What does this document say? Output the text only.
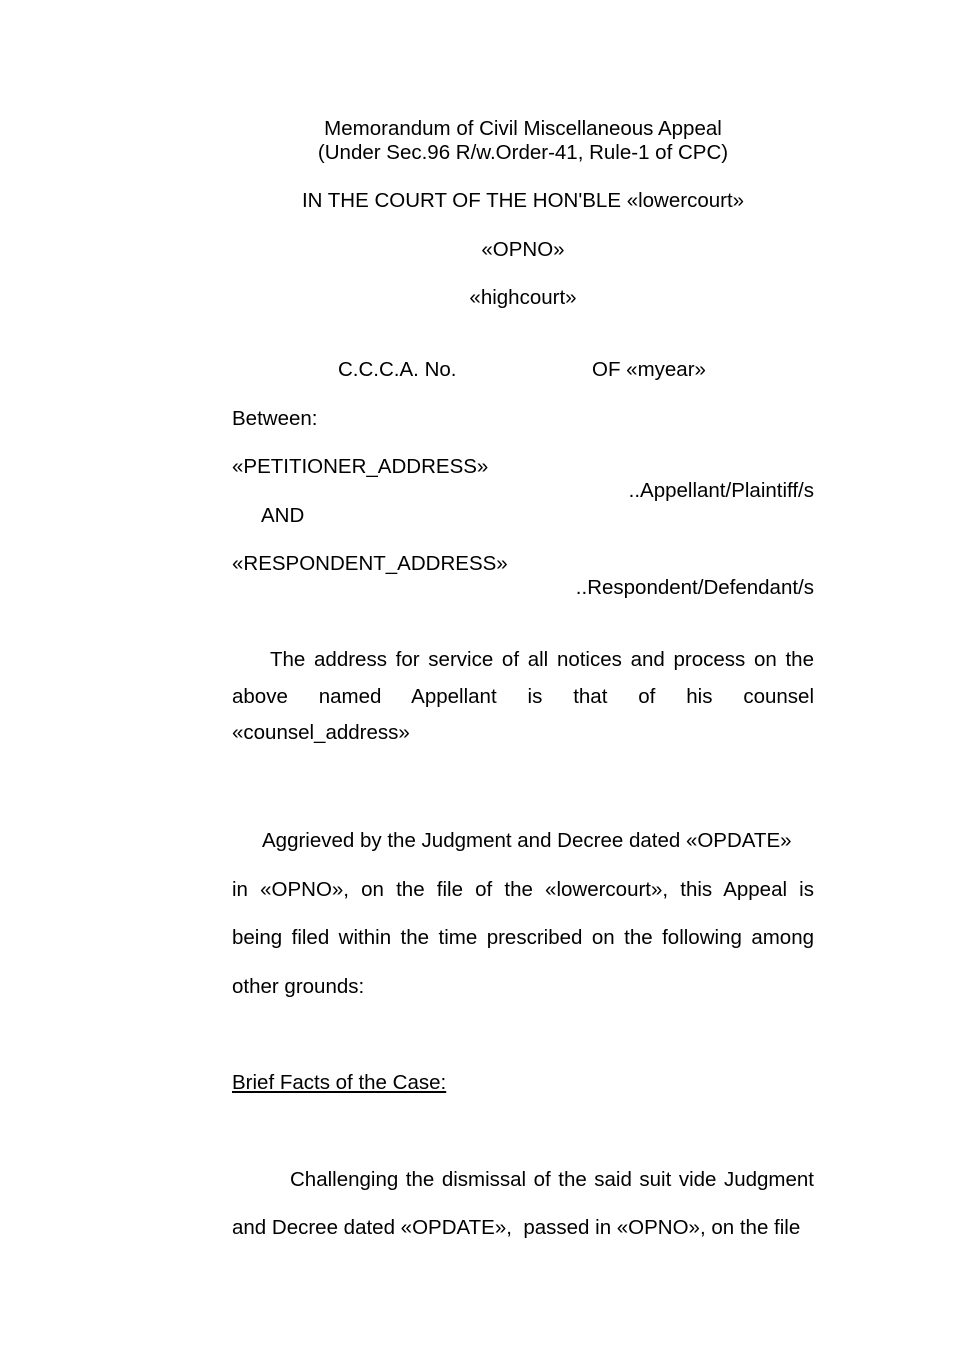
Memorandum of Civil Miscellaneous Appeal
(Under Sec.96 R/w.Order-41, Rule-1 of CPC)
IN THE COURT OF THE HON'BLE «lowercourt»
«OPNO»
«highcourt»
C.C.C.A. No.	OF «myear»
Between:
«PETITIONER_ADDRESS»
..Appellant/Plaintiff/s
AND
«RESPONDENT_ADDRESS»
..Respondent/Defendant/s
The address for service of all notices and process on the
above named Appellant is that of his counsel
«counsel_address»
Aggrieved by the Judgment and Decree dated «OPDATE»
in «OPNO», on the file of the «lowercourt», this Appeal is
being filed within the time prescribed on the following among
other grounds:
Brief Facts of the Case:
Challenging the dismissal of the said suit vide Judgment
and Decree dated «OPDATE»,  passed in «OPNO», on the file
